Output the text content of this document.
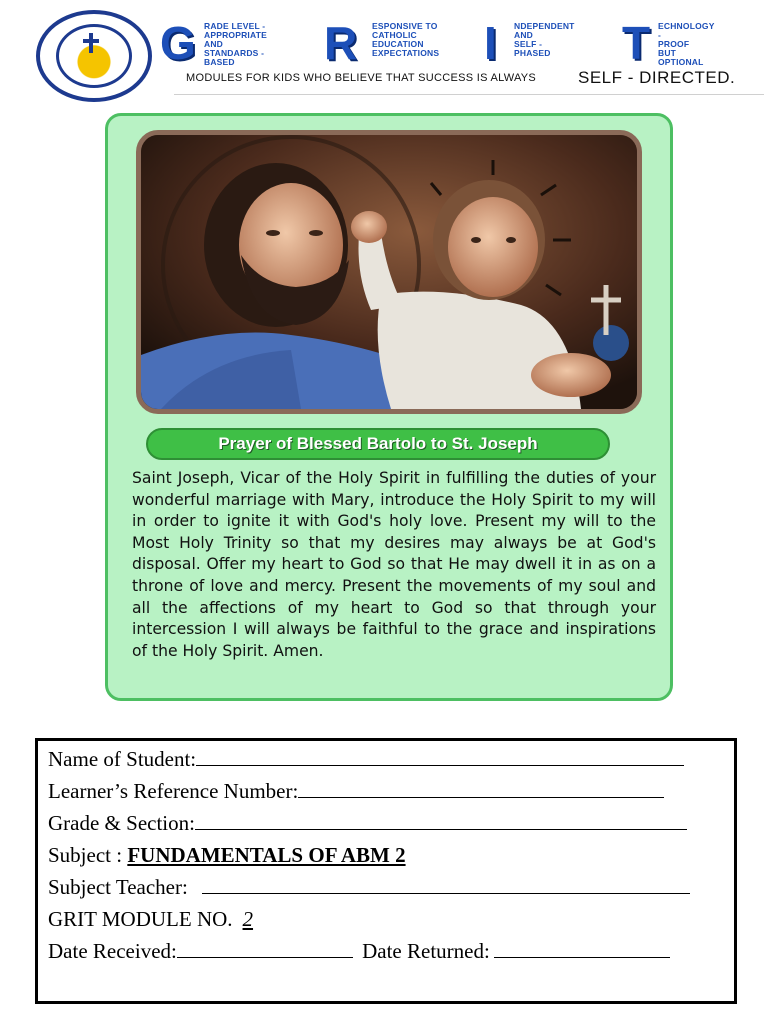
G RADE LEVEL -
APPROPRIATE
AND
STANDARDS -
BASED	R ESPONSIVE TO
CATHOLIC
EDUCATION
EXPECTATIONS I NDEPENDENT
AND
SELF - PHASED	T ECHNOLOGY -
PROOF
BUT
OPTIONAL
MODULES FOR KIDS WHO BELIEVE THAT SUCCESS IS ALWAYS SELF - DIRECTED.
Prayer of Blessed Bartolo to St. Joseph
Saint Joseph, Vicar of the Holy Spirit in fulfilling the duties of your wonderful marriage with Mary, introduce the Holy Spirit to my will in order to ignite it with God's holy love. Present my will to the Most Holy Trinity so that my desires may always be at God's disposal. Offer my heart to God so that He may dwell it in as on a throne of love and mercy. Present the movements of my soul and all the affections of my heart to God so that through your intercession I will always be faithful to the grace and inspirations of the Holy Spirit. Amen.
Name of Student:
Learner’s Reference Number:
Grade & Section:
Subject : FUNDAMENTALS OF ABM 2
Subject Teacher:
GRIT MODULE NO. 2
Date Received:	Date Returned:
